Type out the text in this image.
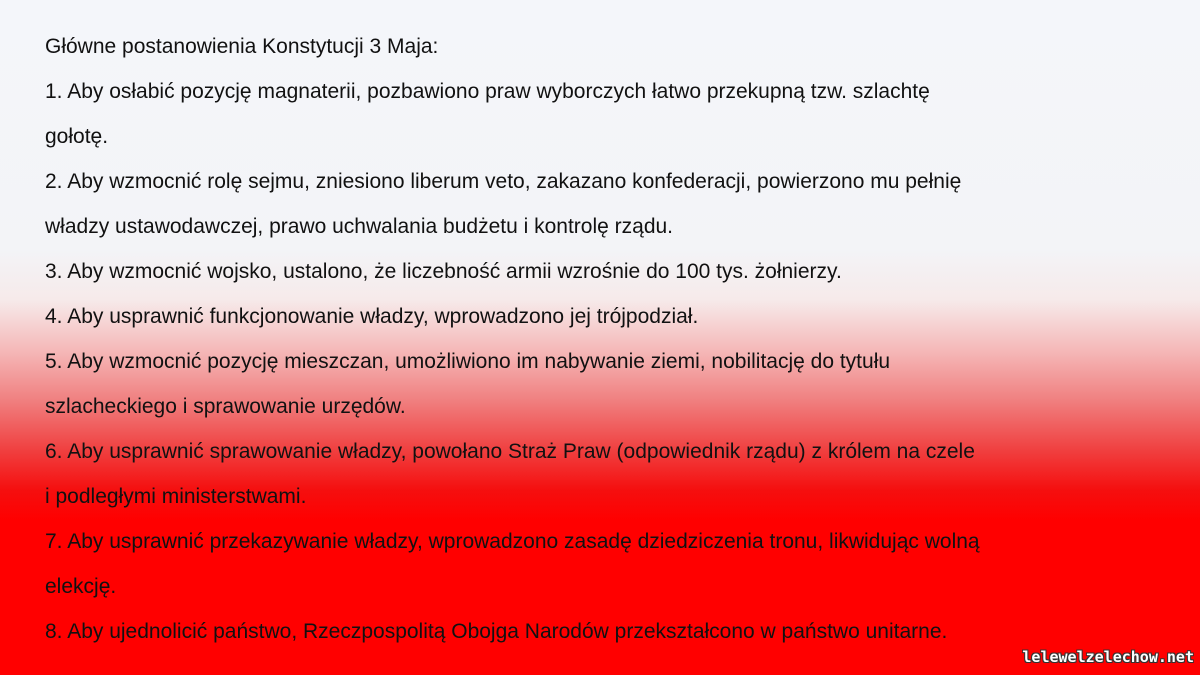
Główne postanowienia Konstytucji 3 Maja:
1. Aby osłabić pozycję magnaterii, pozbawiono praw wyborczych łatwo przekupną tzw. szlachtę
gołotę.
2. Aby wzmocnić rolę sejmu, zniesiono liberum veto, zakazano konfederacji, powierzono mu pełnię
władzy ustawodawczej, prawo uchwalania budżetu i kontrolę rządu.
3. Aby wzmocnić wojsko, ustalono, że liczebność armii wzrośnie do 100 tys. żołnierzy.
4. Aby usprawnić funkcjonowanie władzy, wprowadzono jej trójpodział.
5. Aby wzmocnić pozycję mieszczan, umożliwiono im nabywanie ziemi, nobilitację do tytułu
szlacheckiego i sprawowanie urzędów.
6. Aby usprawnić sprawowanie władzy, powołano Straż Praw (odpowiednik rządu) z królem na czele
i podległymi ministerstwami.
7. Aby usprawnić przekazywanie władzy, wprowadzono zasadę dziedziczenia tronu, likwidując wolną
elekcję.
8. Aby ujednolicić państwo, Rzeczpospolitą Obojga Narodów przekształcono w państwo unitarne.
lelewelzelechow.net
